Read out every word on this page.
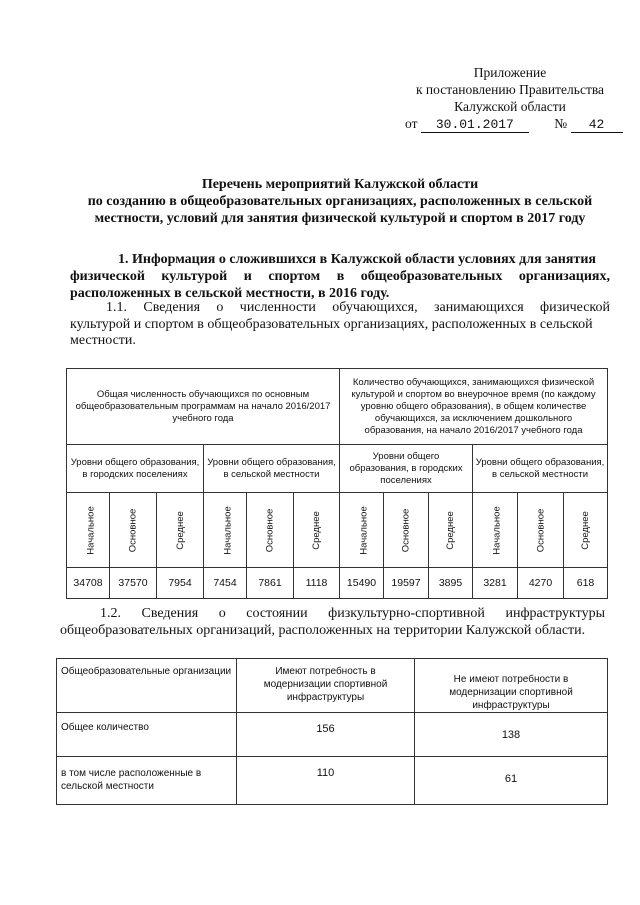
Приложение
к постановлению Правительства
Калужской области
от 30.01.2017	№ 42
Перечень мероприятий Калужской области
по созданию в общеобразовательных организациях, расположенных в сельской
местности, условий для занятия физической культурой и спортом в 2017 году
1. Информация о сложившихся в Калужской области условиях для занятия
физической культурой и спортом в общеобразовательных организациях,
расположенных в сельской местности, в 2016 году.
1.1. Сведения о численности обучающихся, занимающихся физической
культурой и спортом в общеобразовательных организациях, расположенных в сельской
местности.
Общая численность обучающихся по основным общеобразовательным программам на начало 2016/2017 учебного года						Количество обучающихся, занимающихся физической культурой и спортом во внеурочное время (по каждому уровню общего образования), в общем количестве обучающихся, за исключением дошкольного образования, на начало 2016/2017 учебного года					
Уровни общего образования, в городских поселениях			Уровни общего образования, в сельской местности			Уровни общего образования, в городских поселениях			Уровни общего образования, в сельской местности		
Начальное	Основное	Среднее	Начальное	Основное	Среднее	Начальное	Основное	Среднее	Начальное	Основное	Среднее
34708	37570	7954	7454	7861	1118	15490	19597	3895	3281	4270	618
1.2. Сведения о состоянии физкультурно-спортивной инфраструктуры
общеобразовательных организаций, расположенных на территории Калужской области.
Общеобразовательные организации	Имеют потребность в модернизации спортивной инфраструктуры	Не имеют потребности в модернизации спортивной инфраструктуры
Общее количество	156	138
в том числе расположенные в сельской местности	110	61
